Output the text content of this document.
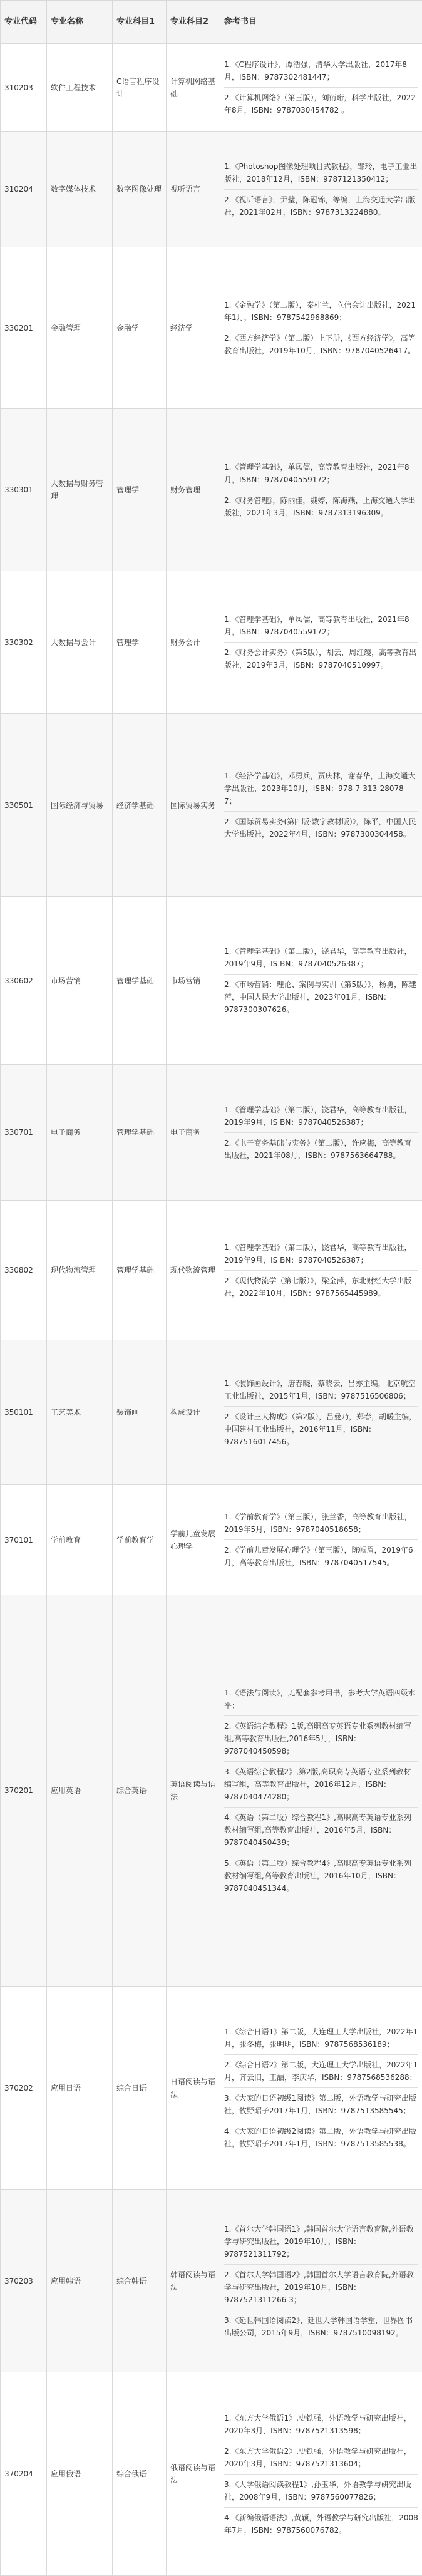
专业代码	专业名称	专业科目1	专业科目2	参考书目
310203	软件工程技术	C语言程序设计	计算机网络基础	1.《C程序设计》，谭浩强，清华大学出版社，2017年8月，ISBN：9787302481447；

2.《计算机网络》（第三版），刘衍珩，科学出版社，2022年8月，ISBN：9787030454782 。

310204	数字媒体技术	数字图像处理	视听语言	1.《Photoshop图像处理项目式教程》，邹玲，电子工业出版社，2018年12月，ISBN：9787121350412；

2.《视听语言》，尹璧，陈冠锦，等编，上海交通大学出版社，2021年02月，ISBN：9787313224880。

330201	金融管理	金融学	经济学	1.《金融学》（第二版），秦桂兰，立信会计出版社，2021年1月，ISBN：9787542968869；

2.《西方经济学》（第二版）上下册，《西方经济学》，高等教育出版社，2019年10月，ISBN：9787040526417。

330301	大数据与财务管理	管理学	财务管理	1.《管理学基础》，单凤儒，高等教育出版社，2021年8月，ISBN：9787040559172；

2.《财务管理》，陈丽佳，魏婷，陈海燕，上海交通大学出版社，2021年3月，ISBN：9787313196309。

330302	大数据与会计	管理学	财务会计	1.《管理学基础》，单凤儒，高等教育出版社，2021年8月，ISBN：9787040559172；

2.《财务会计实务》（第5版），胡云，周红缨，高等教育出版社，2019年3月，ISBN：9787040510997。

330501	国际经济与贸易	经济学基础	国际贸易实务	1.《经济学基础》，邓勇兵，贾庆林，谢春华，上海交通大学出版社，2023年10月，ISBN：978-7-313-28078-7；

2.《国际贸易实务(第四版·数字教材版)》，陈平，中国人民大学出版社，2022年4月，ISBN：9787300304458。

330602	市场营销	管理学基础	市场营销	1.《管理学基础》（第二版），饶君华，高等教育出版社，2019年9月，IS BN：9787040526387；

2.《市场营销：理论、案例与实训（第5版）》，杨勇，陈建萍，中国人民大学出版社，2023年01月，ISBN：9787300307626。

330701	电子商务	管理学基础	电子商务	1.《管理学基础》（第二版），饶君华，高等教育出版社，2019年9月，IS BN：9787040526387；

2.《电子商务基础与实务》（第二版），许应梅，高等教育出版社，2021年08月，ISBN：9787563664788。

330802	现代物流管理	管理学基础	现代物流管理	1.《管理学基础》（第二版），饶君华，高等教育出版社，2019年9月，IS BN：9787040526387；

2.《现代物流学（第七版）》，梁金萍，东北财经大学出版社，2022年10月，ISBN：9787565445989。

350101	工艺美术	装饰画	构成设计	1.《装饰画设计》，唐春晓，蔡晓云，吕亦主编，北京航空工业出版社，2015年1月，ISBN：9787516506806；

2.《设计三大构成》（第2版），吕曼乃，郑春，胡暖主编，中国建材工业出版社，2016年11月，ISBN：9787516017456。

370101	学前教育	学前教育学	学前儿童发展心理学	1.《学前教育学》（第三版），张兰香，高等教育出版社，2019年5月，ISBN：9787040518658；

2.《学前儿童发展心理学》（第三版），陈帼眉，2019年6月，高等教育出版社，ISBN：9787040517545。

370201	应用英语	综合英语	英语阅读与语法	1.《语法与阅读》，无配套参考用书，参考大学英语四级水平；

2.《英语综合教程》1版,高职高专英语专业系列教材编写组,高等教育出版社,2016年5月，ISBN：9787040450598；

3.《英语综合教程2》,第2版,高职高专英语专业系列教材编写组，高等教育出版社，2016年12月，ISBN：9787040474280；

4.《英语（第二版）综合教程1》,高职高专英语专业系列教材编写组,高等教育出版社，2016年5月，ISBN：9787040450439；

5.《英语（第二版）综合教程4》,高职高专英语专业系列教材编写组,高等教育出版社，2016年10月，ISBN：9787040451344。

370202	应用日语	综合日语	日语阅读与语法	1.《综合日语1》第二版，大连理工大学出版社，2022年1月，张冬梅，张明明，ISBN：9787568536189；

2.《综合日语2》第二版，大连理工大学出版社，2022年1月，齐云旧，王喆，李庆华，ISBN：9787568536288；

3.《大家的日语初级1阅读》第二版，外语教学与研究出版社，牧野昭子2017年1月，ISBN：9787513585545；

4.《大家的日语初级2阅读》第二版，外语教学与研究出版社，牧野昭子2017年1月，ISBN：9787513585538。

370203	应用韩语	综合韩语	韩语阅读与语法	1.《首尔大学韩国语1》,韩国首尔大学语言教育院,外语教学与研究出版社，2019年10月，ISBN：9787521311792；

2.《首尔大学韩国语2》,韩国首尔大学语言教育院,外语教学与研究出版社，2019年10月，ISBN：9787521311266 3；

3.《延世韩国语阅读2》，延世大学韩国语学堂，世界图书出版公司，2015年9月，ISBN：9787510098192。

370204	应用俄语	综合俄语	俄语阅读与语法	1.《东方大学俄语1》,史铁强，外语教学与研究出版社，2020年3月，ISBN：9787521313598；

2.《东方大学俄语2》,史铁强，外语教学与研究出版社，2020年3月，ISBN：9787521313604；

3.《大学俄语阅读教程1》,孙玉华，外语教学与研究出版社，2008年9月，ISBN：9787560077826；

4.《新编俄语语法》,黄颖，外语教学与研究出版社，2008年7月，ISBN：9787560076782。
